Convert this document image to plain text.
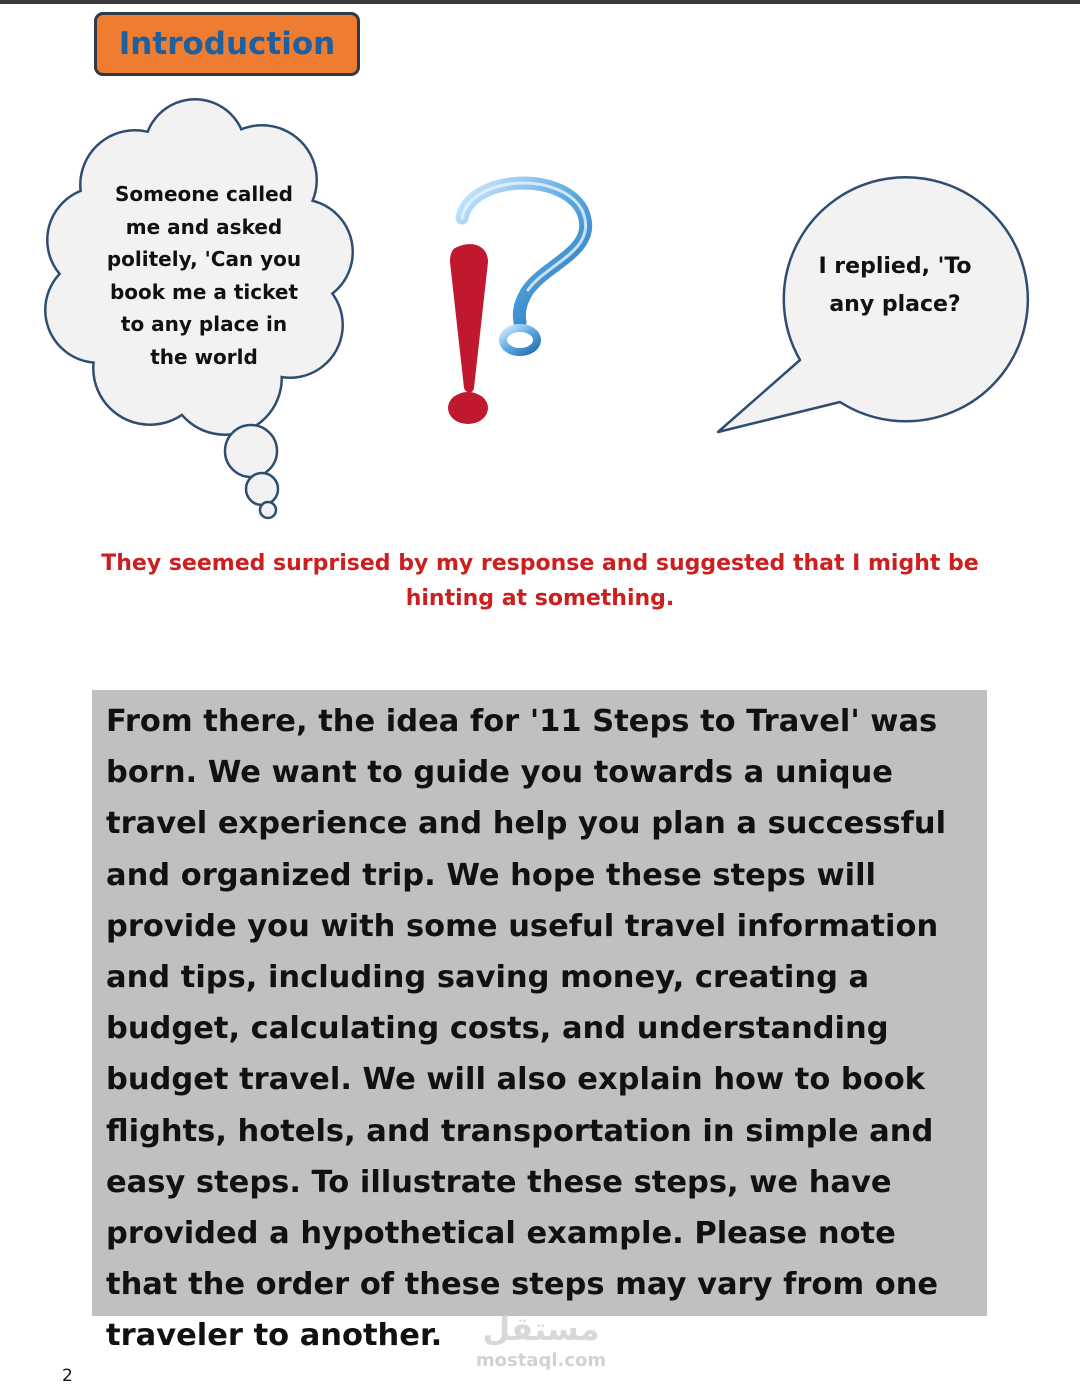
Introduction
Someone called me and asked politely, 'Can you book me a ticket to any place in the world
I replied, 'To any place?
They seemed surprised by my response and suggested that I might be hinting at something.
From there, the idea for '11 Steps to Travel' was born. We want to guide you towards a unique travel experience and help you plan a successful and organized trip. We hope these steps will provide you with some useful travel information and tips, including saving money, creating a budget, calculating costs, and understanding budget travel. We will also explain how to book flights, hotels, and transportation in simple and easy steps. To illustrate these steps, we have provided a hypothetical example. Please note that the order of these steps may vary from one traveler to another.	مستقل
mostaql.com
2
